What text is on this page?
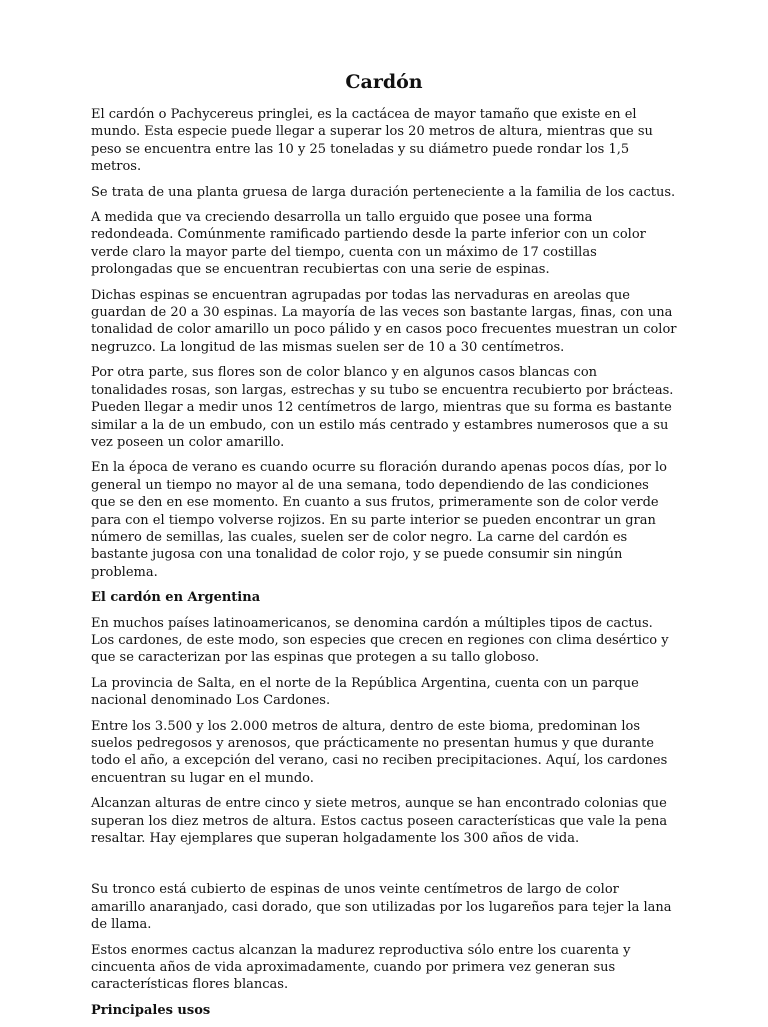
Cardón

El cardón o Pachycereus pringlei, es la cactácea de mayor tamaño que existe en el mundo. Esta especie puede llegar a superar los 20 metros de altura, mientras que su peso se encuentra entre las 10 y 25 toneladas y su diámetro puede rondar los 1,5 metros.

Se trata de una planta gruesa de larga duración perteneciente a la familia de los cactus.

A medida que va creciendo desarrolla un tallo erguido que posee una forma redondeada. Comúnmente ramificado partiendo desde la parte inferior con un color verde claro la mayor parte del tiempo, cuenta con un máximo de 17 costillas prolongadas que se encuentran recubiertas con una serie de espinas.

Dichas espinas se encuentran agrupadas por todas las nervaduras en areolas que guardan de 20 a 30 espinas. La mayoría de las veces son bastante largas, finas, con una tonalidad de color amarillo un poco pálido y en casos poco frecuentes muestran un color negruzco. La longitud de las mismas suelen ser de 10 a 30 centímetros.

Por otra parte, sus flores son de color blanco y en algunos casos blancas con tonalidades rosas, son largas, estrechas y su tubo se encuentra recubierto por brácteas. Pueden llegar a medir unos 12 centímetros de largo, mientras que su forma es bastante similar a la de un embudo, con un estilo más centrado y estambres numerosos que a su vez poseen un color amarillo.

En la época de verano es cuando ocurre su floración durando apenas pocos días, por lo general un tiempo no mayor al de una semana, todo dependiendo de las condiciones que se den en ese momento. En cuanto a sus frutos, primeramente son de color verde para con el tiempo volverse rojizos. En su parte interior se pueden encontrar un gran número de semillas, las cuales, suelen ser de color negro. La carne del cardón es bastante jugosa con una tonalidad de color rojo, y se puede consumir sin ningún problema.

El cardón en Argentina

En muchos países latinoamericanos, se denomina cardón a múltiples tipos de cactus. Los cardones, de este modo, son especies que crecen en regiones con clima desértico y que se caracterizan por las espinas que protegen a su tallo globoso.

La provincia de Salta, en el norte de la República Argentina, cuenta con un parque nacional denominado Los Cardones.

Entre los 3.500 y los 2.000 metros de altura, dentro de este bioma, predominan los suelos pedregosos y arenosos, que prácticamente no presentan humus y que durante todo el año, a excepción del verano, casi no reciben precipitaciones. Aquí, los cardones encuentran su lugar en el mundo.

Alcanzan alturas de entre cinco y siete metros, aunque se han encontrado colonias que superan los diez metros de altura. Estos cactus poseen características que vale la pena resaltar. Hay ejemplares que superan holgadamente los 300 años de vida.

Su tronco está cubierto de espinas de unos veinte centímetros de largo de color amarillo anaranjado, casi dorado, que son utilizadas por los lugareños para tejer la lana de llama.

Estos enormes cactus alcanzan la madurez reproductiva sólo entre los cuarenta y cincuenta años de vida aproximadamente, cuando por primera vez generan sus características flores blancas.

Principales usos
